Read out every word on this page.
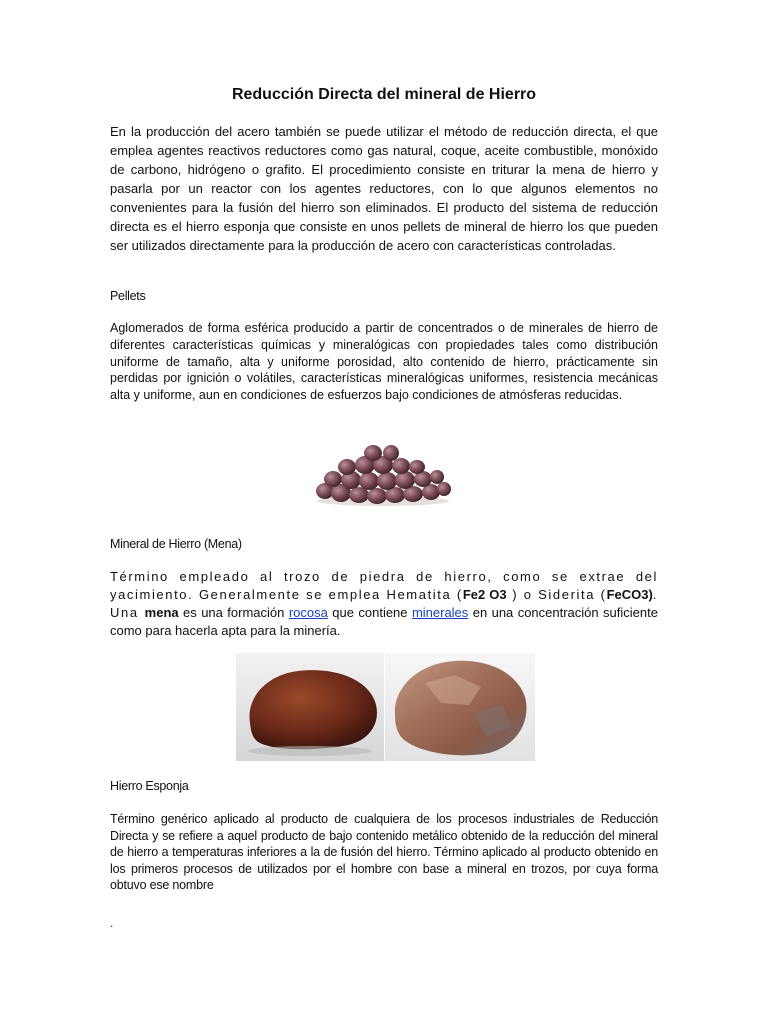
Reducción Directa del mineral de Hierro

En la producción del acero también se puede utilizar el método de reducción directa, el que emplea agentes reactivos reductores como gas natural, coque, aceite combustible, monóxido de carbono, hidrógeno o grafito. El procedimiento consiste en triturar la mena de hierro y pasarla por un reactor con los agentes reductores, con lo que algunos elementos no convenientes para la fusión del hierro son eliminados. El producto del sistema de reducción directa es el hierro esponja que consiste en unos pellets de mineral de hierro los que pueden ser utilizados directamente para la producción de acero con características controladas.

Pellets

Aglomerados de forma esférica producido a partir de concentrados o de minerales de hierro de diferentes características químicas y mineralógicas con propiedades tales como distribución uniforme de tamaño, alta y uniforme porosidad, alto contenido de hierro, prácticamente sin perdidas por ignición o volátiles, características mineralógicas uniformes, resistencia mecánicas alta y uniforme, aun en condiciones de esfuerzos bajo condiciones de atmósferas reducidas.

Mineral de Hierro (Mena)

Término empleado al trozo de piedra de hierro, como se extrae del yacimiento. Generalmente se emplea Hematita (Fe2 O3 ) o Siderita (FeCO3). Una mena es una formación rocosa que contiene minerales en una concentración suficiente como para hacerla apta para la minería.

Hierro Esponja

Término genérico aplicado al producto de cualquiera de los procesos industriales de Reducción Directa y se refiere a aquel producto de bajo contenido metálico obtenido de la reducción del mineral de hierro a temperaturas inferiores a la de fusión del hierro. Término aplicado al producto obtenido en los primeros procesos de utilizados por el hombre con base a mineral en trozos, por cuya forma obtuvo ese nombre

.
